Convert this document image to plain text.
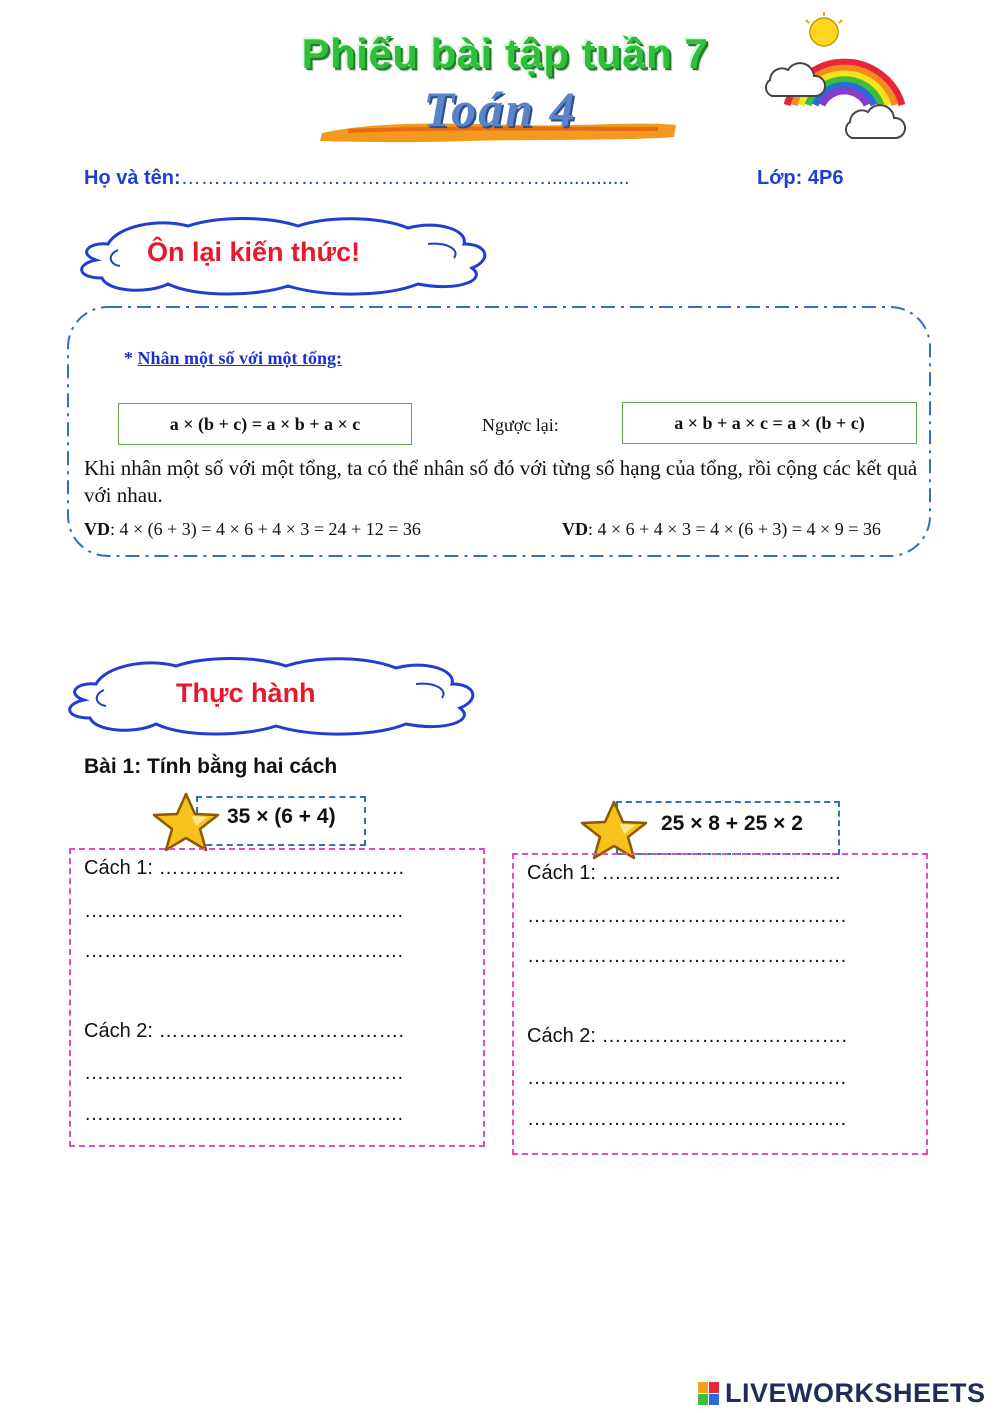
Phiếu bài tập tuần 7
Toán 4
Họ và tên:………………………………….……………...............	Lớp: 4P6
Ôn lại kiến thức!
* Nhân một số với một tổng:
a × (b + c) = a × b + a × c	Ngược lại:	a × b + a × c = a × (b + c)
Khi nhân một số với một tổng, ta có thể nhân số đó với từng số hạng của tổng, rồi cộng các kết quả với nhau.
VD: 4 × (6 + 3) = 4 × 6 + 4 × 3 = 24 + 12 = 36	VD: 4 × 6 + 4 × 3 = 4 × (6 + 3) = 4 × 9 = 36
Thực hành
Bài 1: Tính bằng hai cách
35 × (6 + 4)
Cách 1: ……………………………….
…………………………………………
…………………………………………
Cách 2: ……………………………….
…………………………………………
…………………………………………
25 × 8 + 25 × 2
Cách 1: ………………………………
…………………………………………
…………………………………………
Cách 2: ……………………………….
…………………………………………
…………………………………………
LIVEWORKSHEETS
